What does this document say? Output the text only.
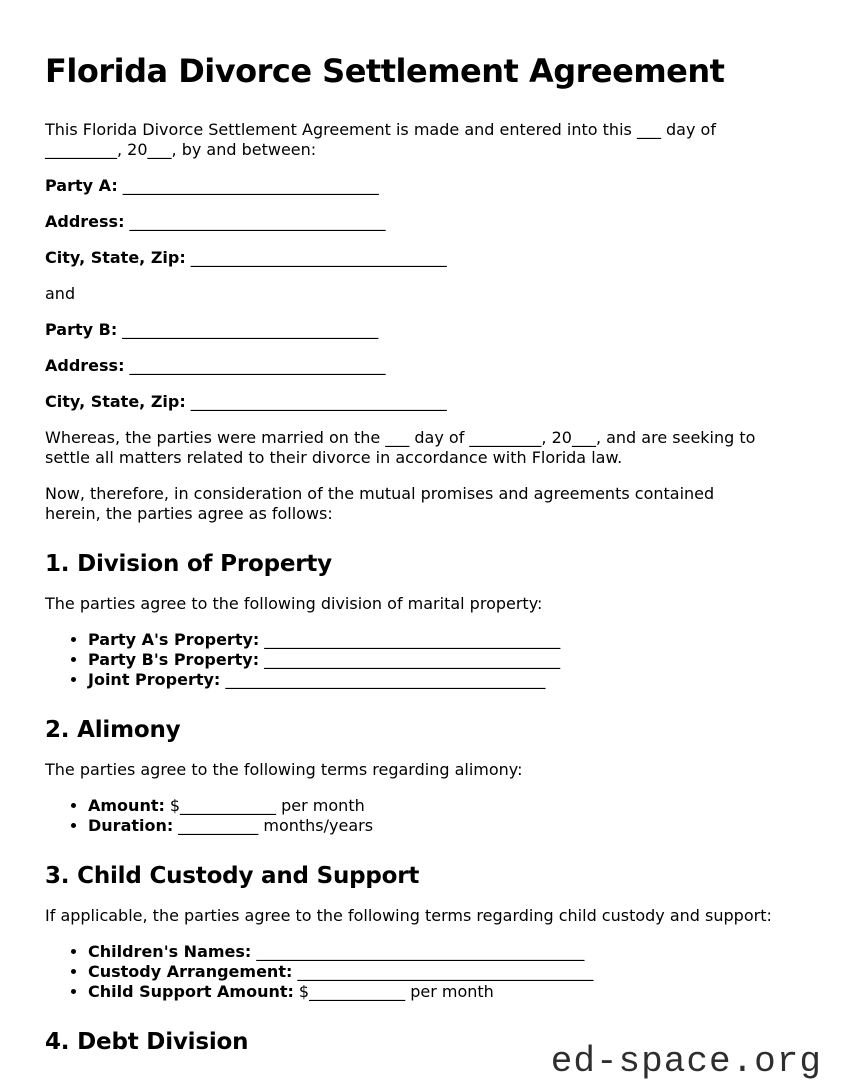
Florida Divorce Settlement Agreement

This Florida Divorce Settlement Agreement is made and entered into this ___ day of
_________, 20___, by and between:

Party A: ________________________________

Address: ________________________________

City, State, Zip: ________________________________

and

Party B: ________________________________

Address: ________________________________

City, State, Zip: ________________________________

Whereas, the parties were married on the ___ day of _________, 20___, and are seeking to
settle all matters related to their divorce in accordance with Florida law.

Now, therefore, in consideration of the mutual promises and agreements contained
herein, the parties agree as follows:

1. Division of Property

The parties agree to the following division of marital property:

• Party A's Property: _____________________________________
• Party B's Property: _____________________________________
• Joint Property: ________________________________________
2. Alimony

The parties agree to the following terms regarding alimony:

• Amount: $____________ per month
• Duration: __________ months/years
3. Child Custody and Support

If applicable, the parties agree to the following terms regarding child custody and support:

• Children's Names: _________________________________________
• Custody Arrangement: _____________________________________
• Child Support Amount: $____________ per month
4. Debt Division	ed-space.org
